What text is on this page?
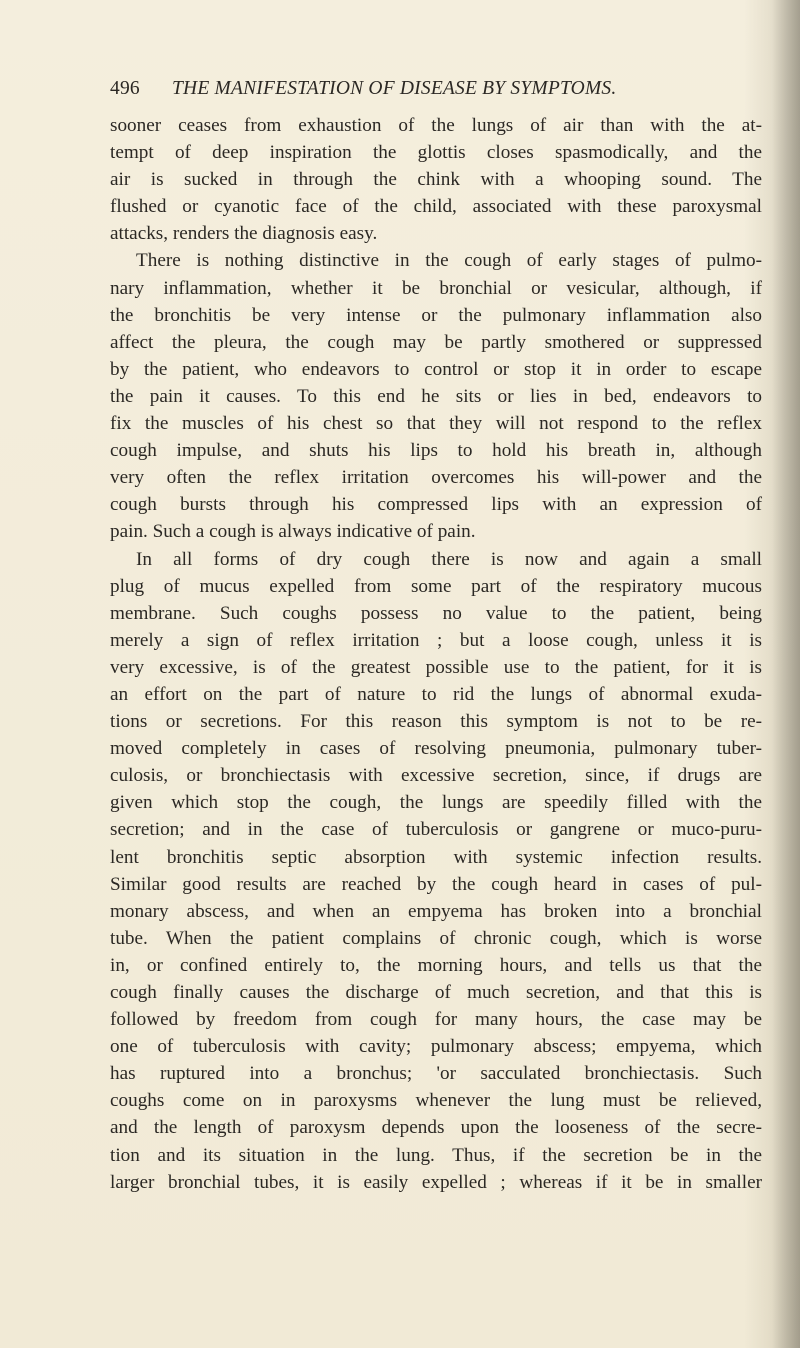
496 THE MANIFESTATION OF DISEASE BY SYMPTOMS.
sooner ceases from exhaustion of the lungs of air than with the at-
tempt of deep inspiration the glottis closes spasmodically, and the
air is sucked in through the chink with a whooping sound. The
flushed or cyanotic face of the child, associated with these paroxysmal
attacks, renders the diagnosis easy.
There is nothing distinctive in the cough of early stages of pulmo-
nary inflammation, whether it be bronchial or vesicular, although, if
the bronchitis be very intense or the pulmonary inflammation also
affect the pleura, the cough may be partly smothered or suppressed
by the patient, who endeavors to control or stop it in order to escape
the pain it causes. To this end he sits or lies in bed, endeavors to
fix the muscles of his chest so that they will not respond to the reflex
cough impulse, and shuts his lips to hold his breath in, although
very often the reflex irritation overcomes his will-power and the
cough bursts through his compressed lips with an expression of
pain. Such a cough is always indicative of pain.
In all forms of dry cough there is now and again a small
plug of mucus expelled from some part of the respiratory mucous
membrane. Such coughs possess no value to the patient, being
merely a sign of reflex irritation ; but a loose cough, unless it is
very excessive, is of the greatest possible use to the patient, for it is
an effort on the part of nature to rid the lungs of abnormal exuda-
tions or secretions. For this reason this symptom is not to be re-
moved completely in cases of resolving pneumonia, pulmonary tuber-
culosis, or bronchiectasis with excessive secretion, since, if drugs are
given which stop the cough, the lungs are speedily filled with the
secretion; and in the case of tuberculosis or gangrene or muco-puru-
lent bronchitis septic absorption with systemic infection results.
Similar good results are reached by the cough heard in cases of pul-
monary abscess, and when an empyema has broken into a bronchial
tube. When the patient complains of chronic cough, which is worse
in, or confined entirely to, the morning hours, and tells us that the
cough finally causes the discharge of much secretion, and that this is
followed by freedom from cough for many hours, the case may be
one of tuberculosis with cavity; pulmonary abscess; empyema, which
has ruptured into a bronchus; 'or sacculated bronchiectasis. Such
coughs come on in paroxysms whenever the lung must be relieved,
and the length of paroxysm depends upon the looseness of the secre-
tion and its situation in the lung. Thus, if the secretion be in the
larger bronchial tubes, it is easily expelled ; whereas if it be in smaller
